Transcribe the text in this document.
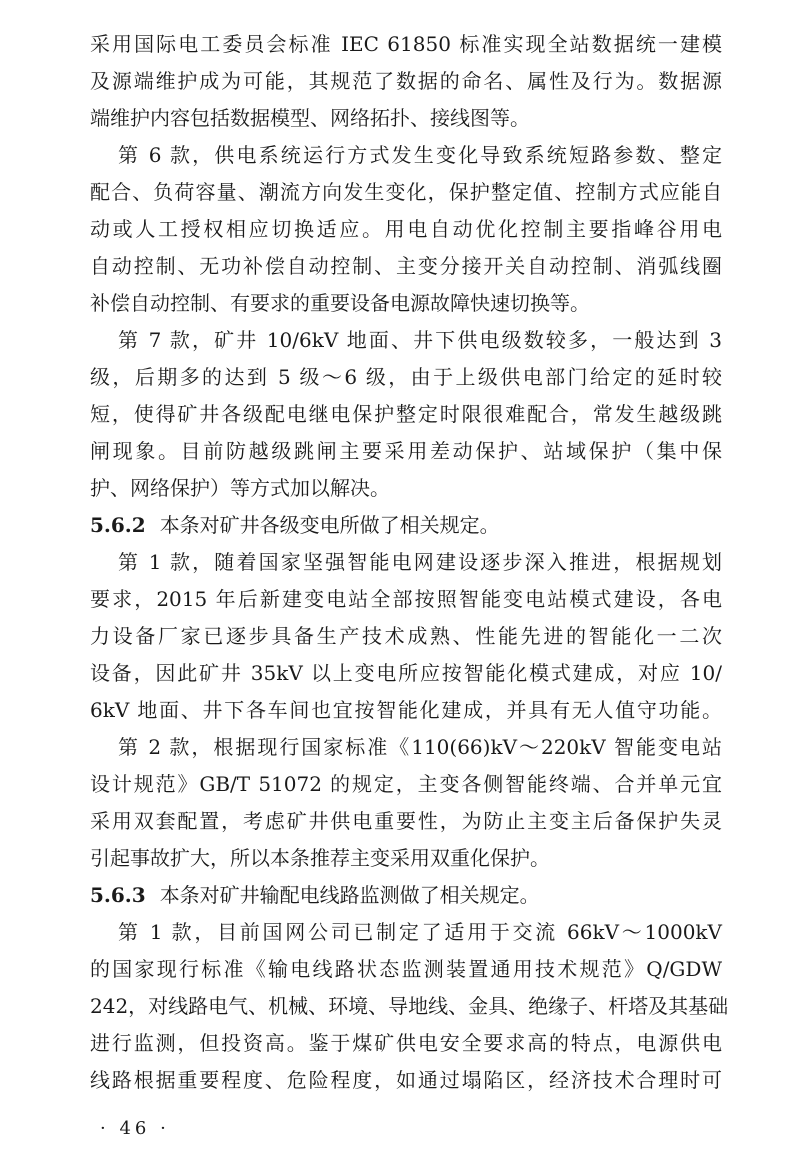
采用国际电工委员会标准 IEC 61850 标准实现全站数据统一建模
及源端维护成为可能，其规范了数据的命名、属性及行为。数据源
端维护内容包括数据模型、网络拓扑、接线图等。
第 6 款，供电系统运行方式发生变化导致系统短路参数、整定
配合、负荷容量、潮流方向发生变化，保护整定值、控制方式应能自
动或人工授权相应切换适应。用电自动优化控制主要指峰谷用电
自动控制、无功补偿自动控制、主变分接开关自动控制、消弧线圈
补偿自动控制、有要求的重要设备电源故障快速切换等。
第 7 款，矿井 10/6kV 地面、井下供电级数较多，一般达到 3
级，后期多的达到 5 级～6 级，由于上级供电部门给定的延时较
短，使得矿井各级配电继电保护整定时限很难配合，常发生越级跳
闸现象。目前防越级跳闸主要采用差动保护、站域保护（集中保
护、网络保护）等方式加以解决。
5.6.2 本条对矿井各级变电所做了相关规定。
第 1 款，随着国家坚强智能电网建设逐步深入推进，根据规划
要求，2015 年后新建变电站全部按照智能变电站模式建设，各电
力设备厂家已逐步具备生产技术成熟、性能先进的智能化一二次
设备，因此矿井 35kV 以上变电所应按智能化模式建成，对应 10/
6kV 地面、井下各车间也宜按智能化建成，并具有无人值守功能。
第 2 款，根据现行国家标准《110(66)kV～220kV 智能变电站
设计规范》GB/T 51072 的规定，主变各侧智能终端、合并单元宜
采用双套配置，考虑矿井供电重要性，为防止主变主后备保护失灵
引起事故扩大，所以本条推荐主变采用双重化保护。
5.6.3 本条对矿井输配电线路监测做了相关规定。
第 1 款，目前国网公司已制定了适用于交流 66kV～1000kV
的国家现行标准《输电线路状态监测装置通用技术规范》Q/GDW
242，对线路电气、机械、环境、导地线、金具、绝缘子、杆塔及其基础
进行监测，但投资高。鉴于煤矿供电安全要求高的特点，电源供电
线路根据重要程度、危险程度，如通过塌陷区，经济技术合理时可
· 46 ·
